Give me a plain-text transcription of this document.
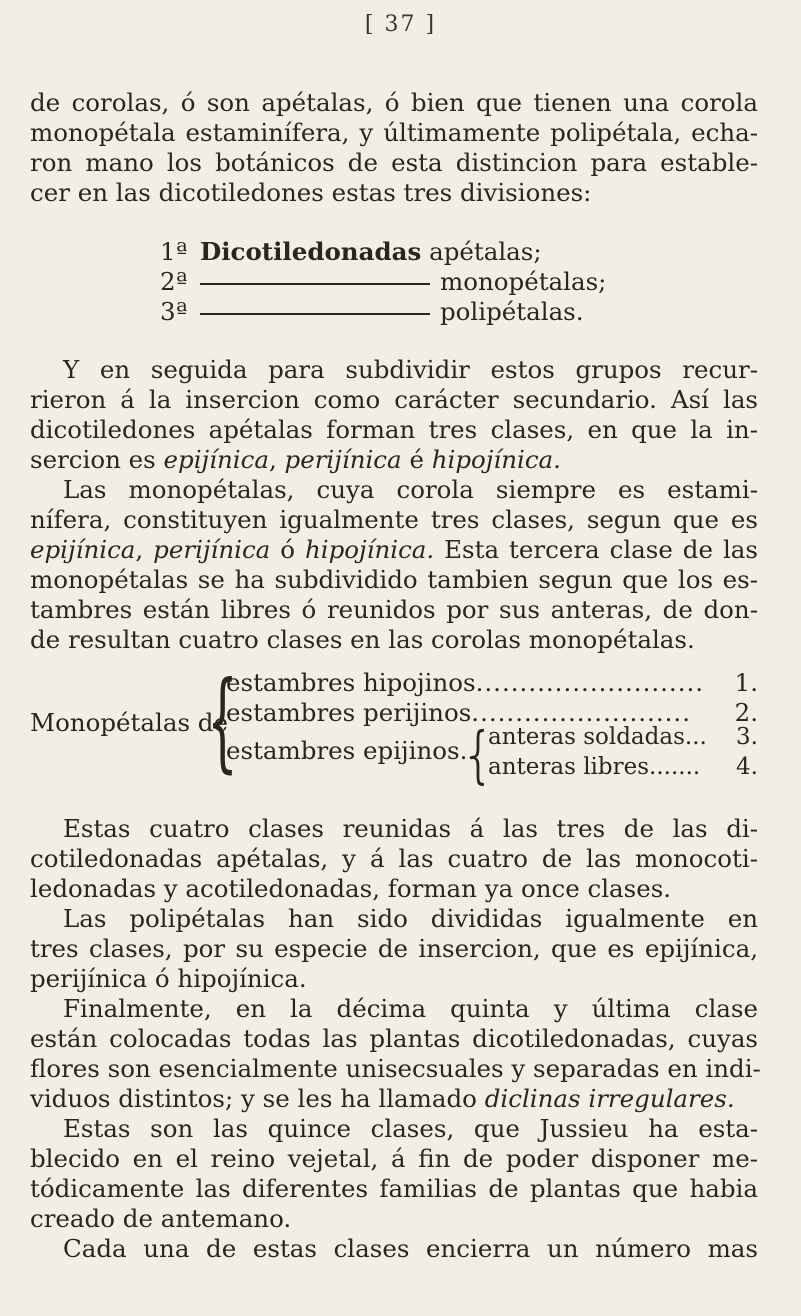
[ 37 ]
de corolas, ó son apétalas, ó bien que tienen una corola
monopétala estaminífera, y últimamente polipétala, echa-
ron mano los botánicos de esta distincion para estable-
cer en las dicotiledones estas tres divisiones:
1ª Dicotiledonadas apétalas;
2ª	monopétalas;
3ª	polipétalas.
Y en seguida para subdividir estos grupos recur-
rieron á la insercion como carácter secundario. Así las
dicotiledones apétalas forman tres clases, en que la in-
sercion es epijínica, perijínica é hipojínica.
Las monopétalas, cuya corola siempre es estami-
nífera, constituyen igualmente tres clases, segun que es
epijínica, perijínica ó hipojínica. Esta tercera clase de las
monopétalas se ha subdividido tambien segun que los es-
tambres están libres ó reunidos por sus anteras, de don-
de resultan cuatro clases en las corolas monopétalas.
Monopétalas de
{
estambres hipojinos.......................... 1.
estambres perijinos......................... 2.
estambres epijinos..
{ anteras soldadas... 3.
anteras libres....... 4.
Estas cuatro clases reunidas á las tres de las di-
cotiledonadas apétalas, y á las cuatro de las monocoti-
ledonadas y acotiledonadas, forman ya once clases.
Las polipétalas han sido divididas igualmente en
tres clases, por su especie de insercion, que es epijínica,
perijínica ó hipojínica.
Finalmente, en la décima quinta y última clase
están colocadas todas las plantas dicotiledonadas, cuyas
flores son esencialmente unisecsuales y separadas en indi-
viduos distintos; y se les ha llamado diclinas irregulares.
Estas son las quince clases, que Jussieu ha esta-
blecido en el reino vejetal, á fin de poder disponer me-
tódicamente las diferentes familias de plantas que habia
creado de antemano.
Cada una de estas clases encierra un número mas
